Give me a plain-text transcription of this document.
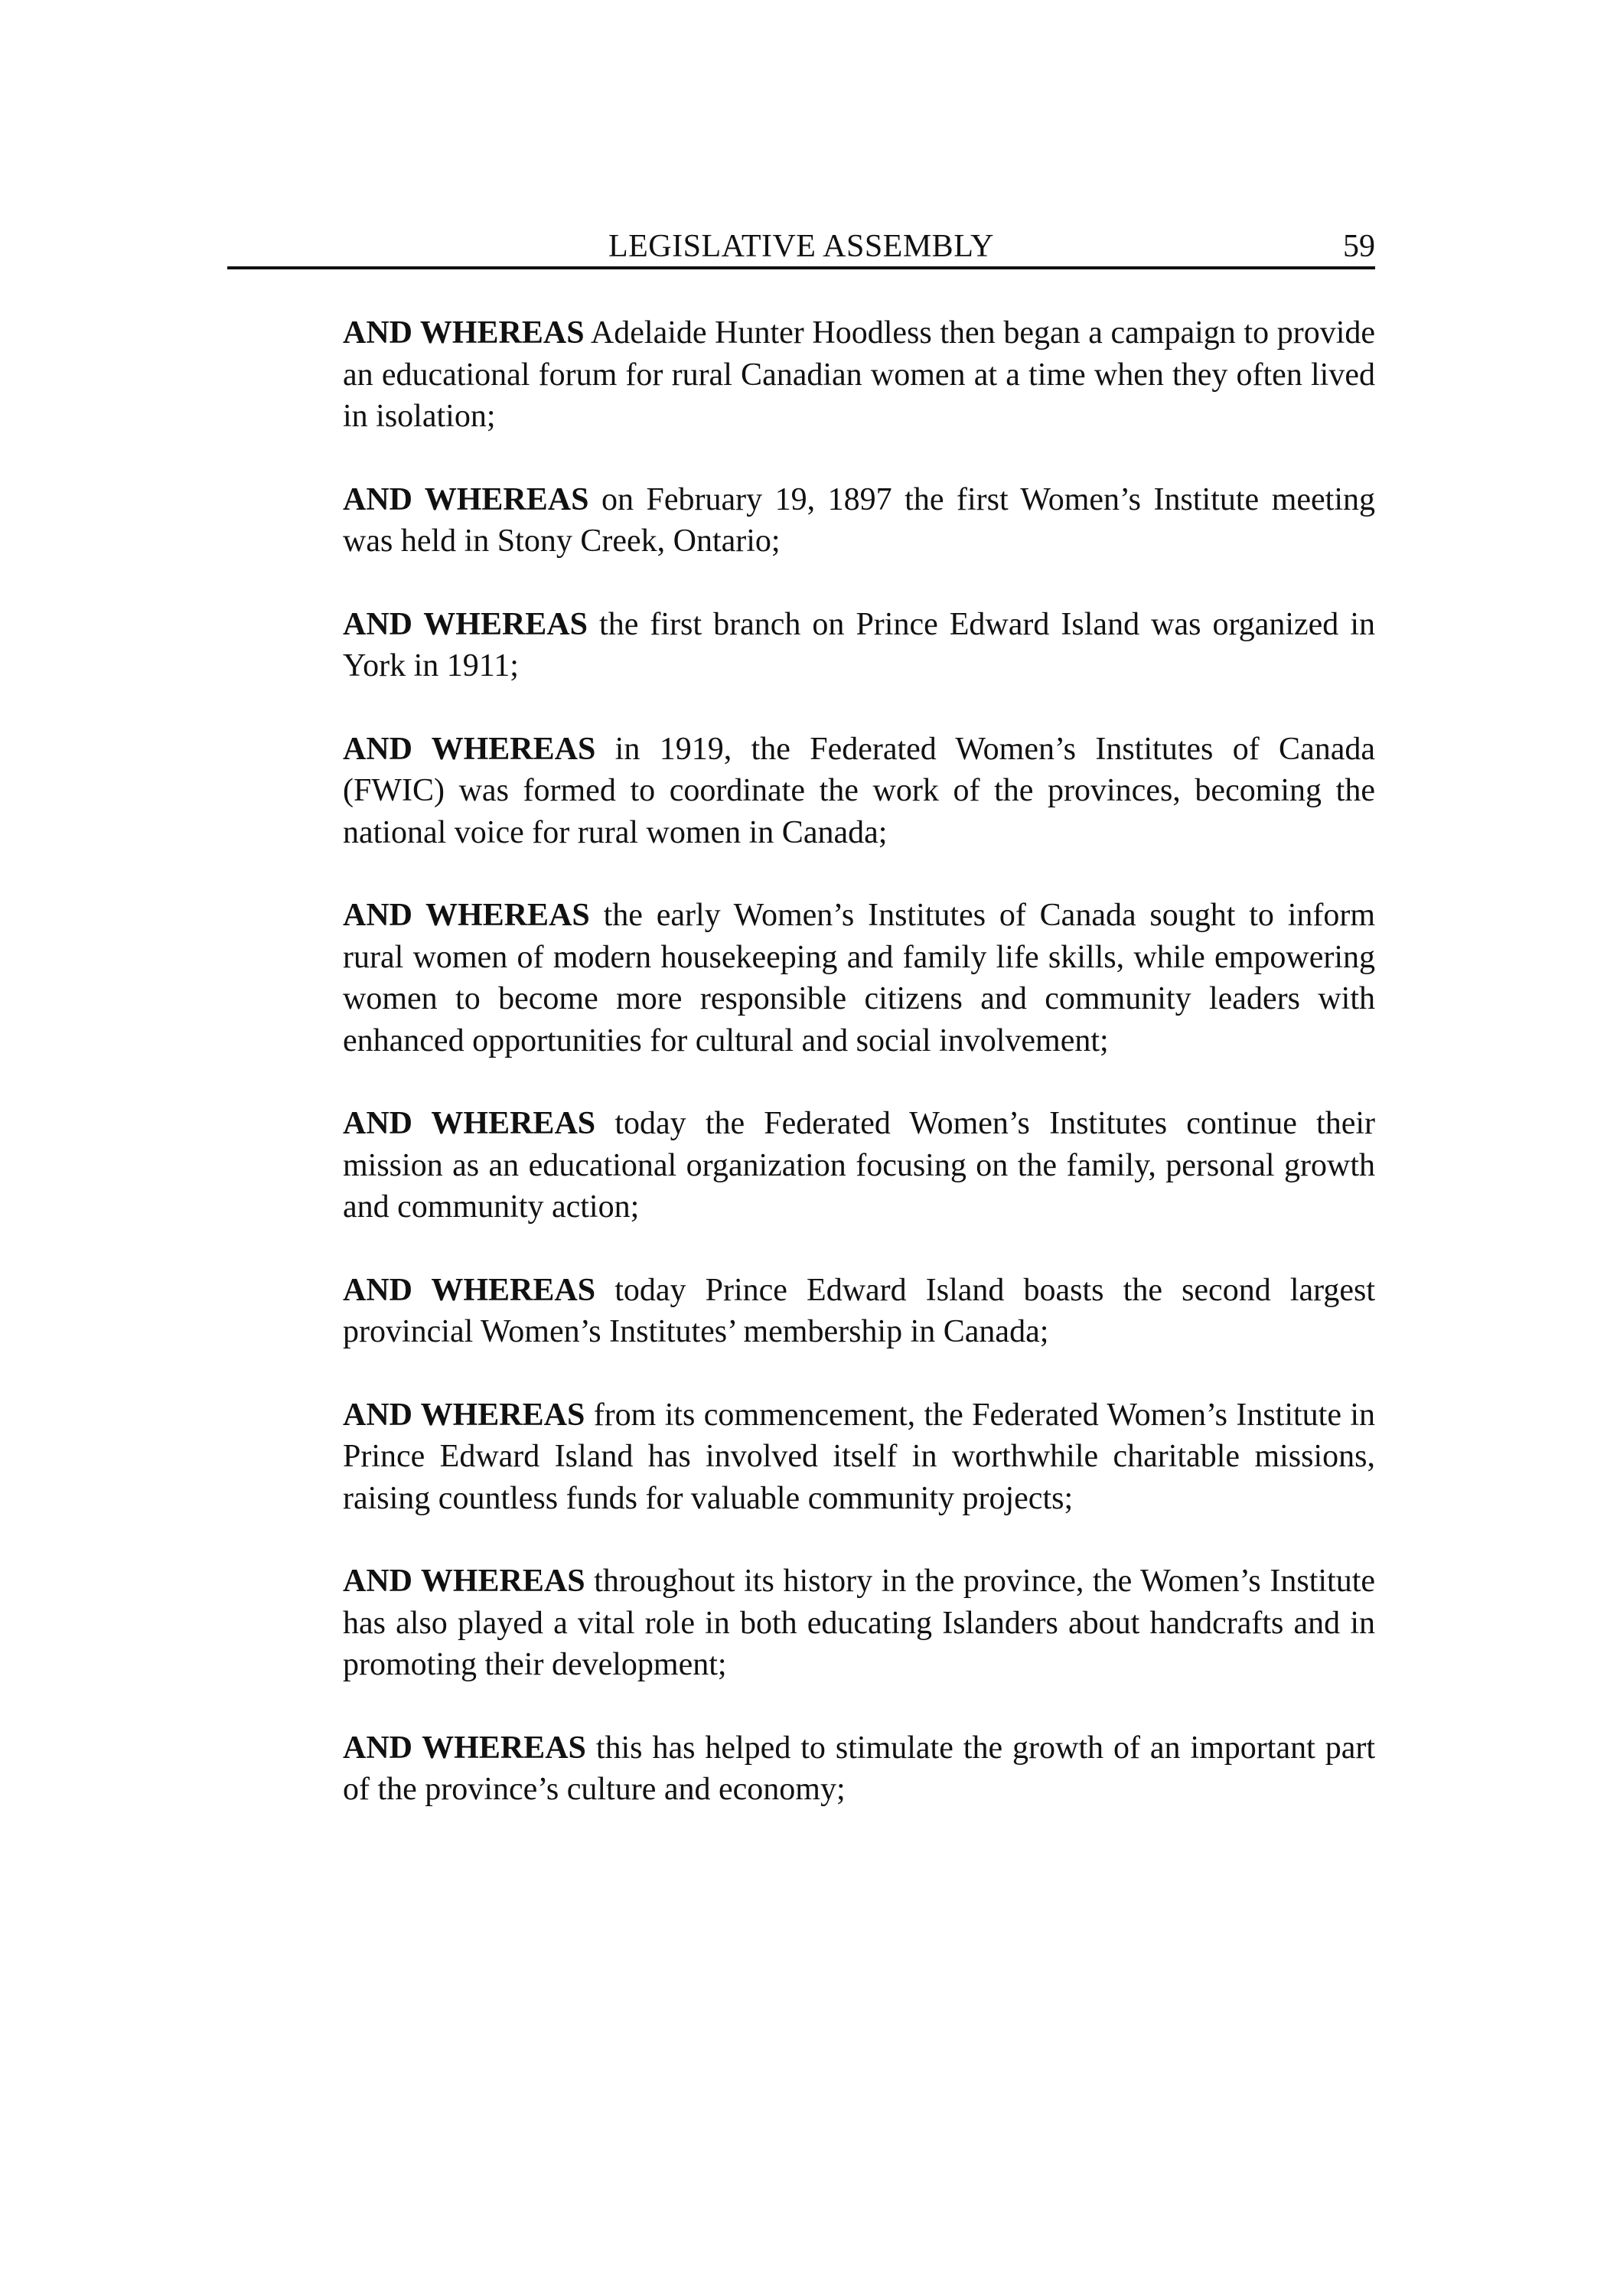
LEGISLATIVE ASSEMBLY	59

AND WHEREAS Adelaide Hunter Hoodless then began a campaign to provide an educational forum for rural Canadian women at a time when they often lived in isolation;

AND WHEREAS on February 19, 1897 the first Women’s Institute meeting was held in Stony Creek, Ontario;

AND WHEREAS the first branch on Prince Edward Island was organized in York in 1911;

AND WHEREAS in 1919, the Federated Women’s Institutes of Canada (FWIC) was formed to coordinate the work of the provinces, becoming the national voice for rural women in Canada;

AND WHEREAS the early Women’s Institutes of Canada sought to inform rural women of modern housekeeping and family life skills, while empowering women to become more responsible citizens and community leaders with enhanced opportunities for cultural and social involvement;

AND WHEREAS today the Federated Women’s Institutes continue their mission as an educational organization focusing on the family, personal growth and community action;

AND WHEREAS today Prince Edward Island boasts the second largest provincial Women’s Institutes’ membership in Canada;

AND WHEREAS from its commencement, the Federated Women’s Institute in Prince Edward Island has involved itself in worthwhile charitable missions, raising countless funds for valuable community projects;

AND WHEREAS throughout its history in the province, the Women’s Institute has also played a vital role in both educating Islanders about handcrafts and in promoting their development;

AND WHEREAS this has helped to stimulate the growth of an important part of the province’s culture and economy;
